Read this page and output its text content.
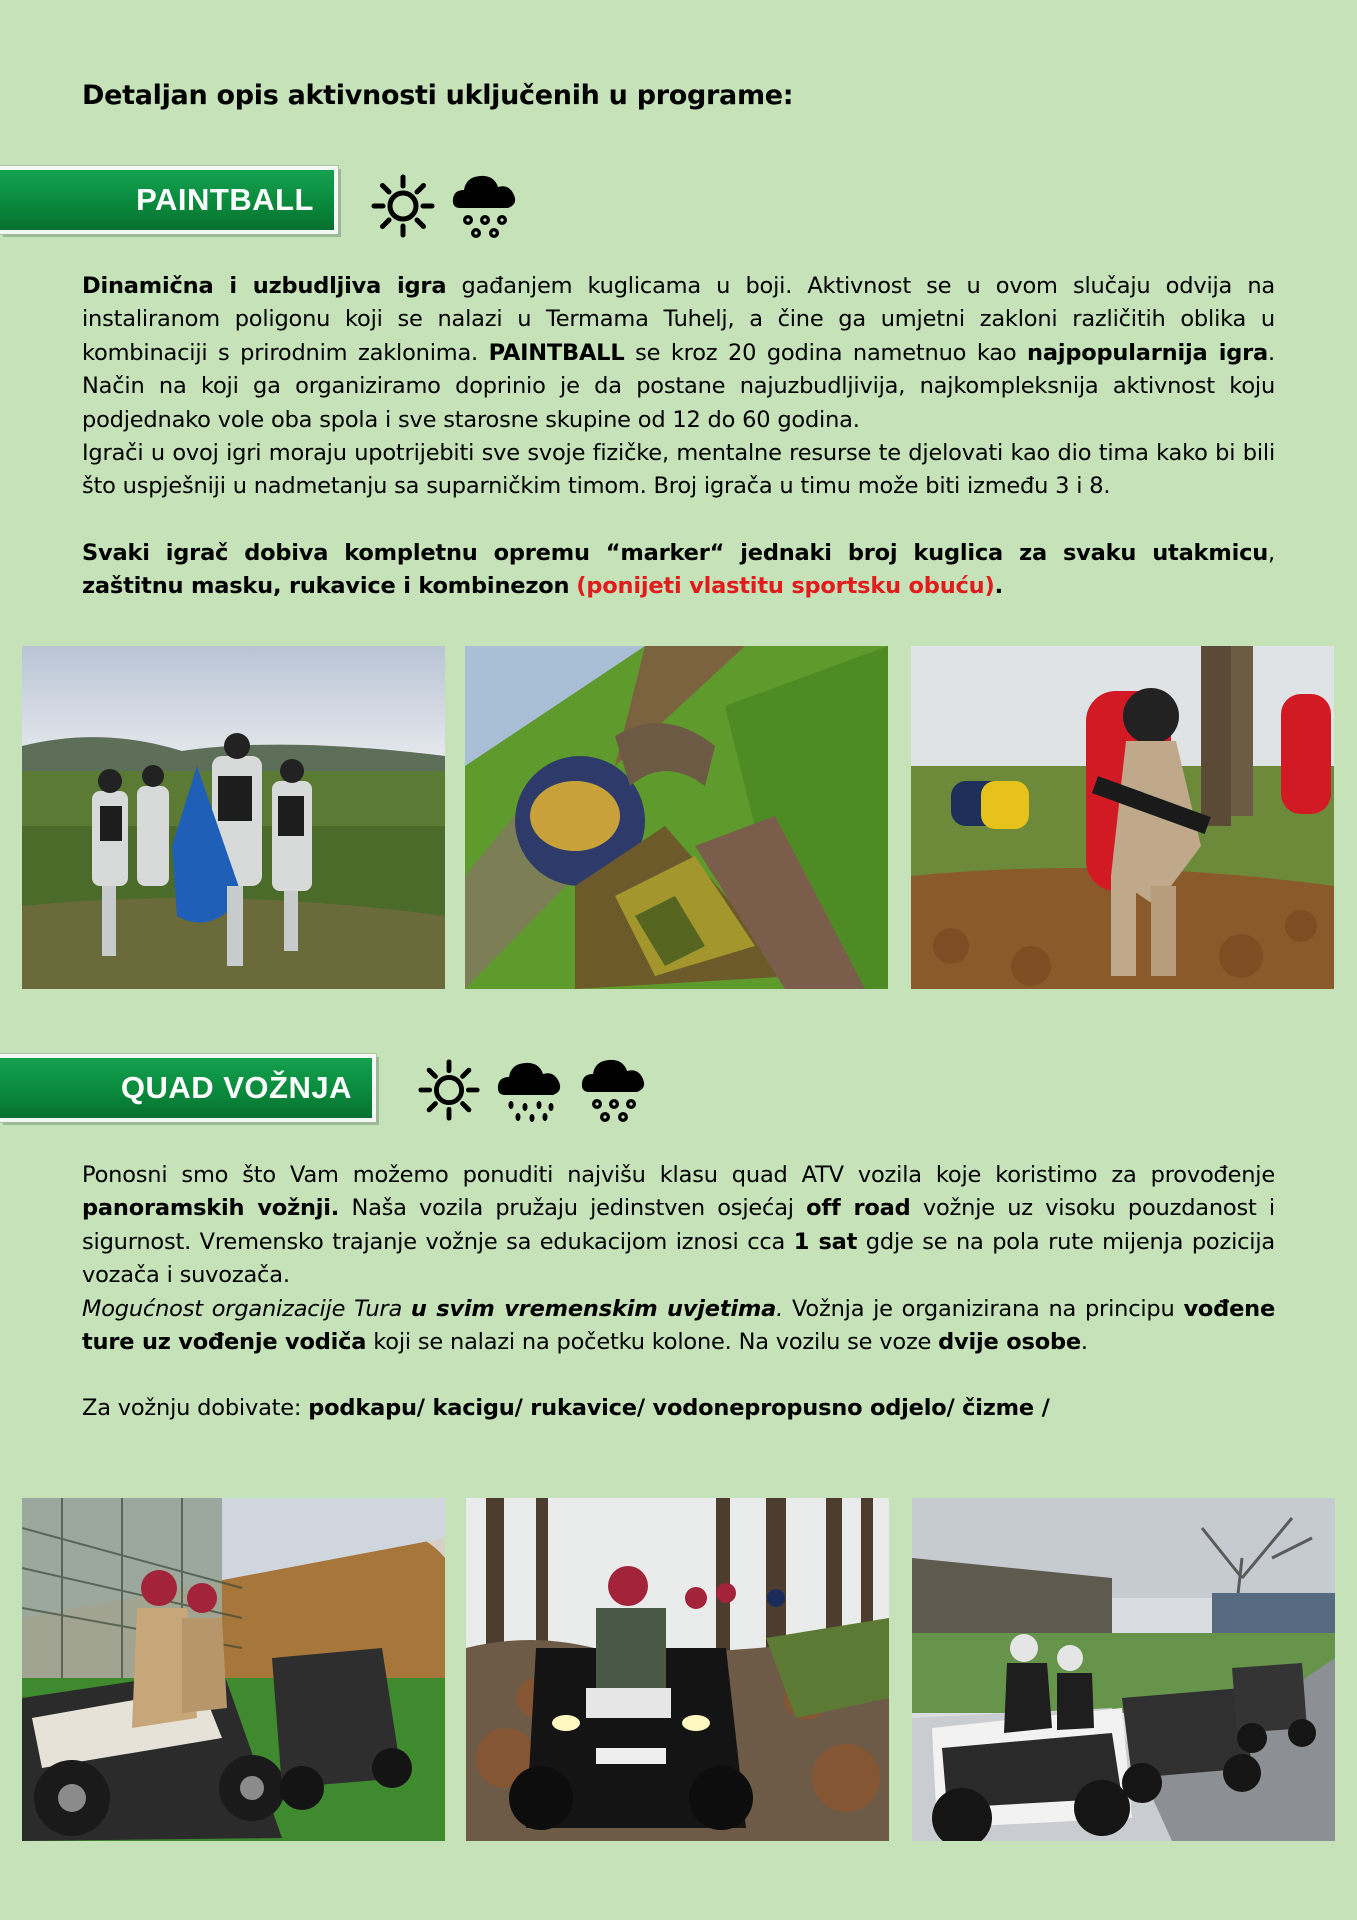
Detaljan opis aktivnosti uključenih u programe:
PAINTBALL

Dinamična i uzbudljiva igra gađanjem kuglicama u boji. Aktivnost se u ovom slučaju odvija na instaliranom poligonu koji se nalazi u Termama Tuhelj, a čine ga umjetni zakloni različitih oblika u kombinaciji s prirodnim zaklonima. PAINTBALL se kroz 20 godina nametnuo kao najpopularnija igra. Način na koji ga organiziramo doprinio je da postane najuzbudljivija, najkompleksnija aktivnost koju podjednako vole oba spola i sve starosne skupine od 12 do 60 godina.

Igrači u ovoj igri moraju upotrijebiti sve svoje fizičke, mentalne resurse te djelovati kao dio tima kako bi bili što uspješniji u nadmetanju sa suparničkim timom. Broj igrača u timu može biti između 3 i 8.

Svaki igrač dobiva kompletnu opremu “marker“ jednaki broj kuglica za svaku utakmicu, zaštitnu masku, rukavice i kombinezon (ponijeti vlastitu sportsku obuću).

QUAD VOŽNJA

Ponosni smo što Vam možemo ponuditi najvišu klasu quad ATV vozila koje koristimo za provođenje panoramskih vožnji. Naša vozila pružaju jedinstven osjećaj off road vožnje uz visoku pouzdanost i sigurnost. Vremensko trajanje vožnje sa edukacijom iznosi cca 1 sat gdje se na pola rute mijenja pozicija vozača i suvozača.

Mogućnost organizacije Tura u svim vremenskim uvjetima. Vožnja je organizirana na principu vođene ture uz vođenje vodiča koji se nalazi na početku kolone. Na vozilu se voze dvije osobe.

Za vožnju dobivate: podkapu/ kacigu/ rukavice/ vodonepropusno odjelo/ čizme /
